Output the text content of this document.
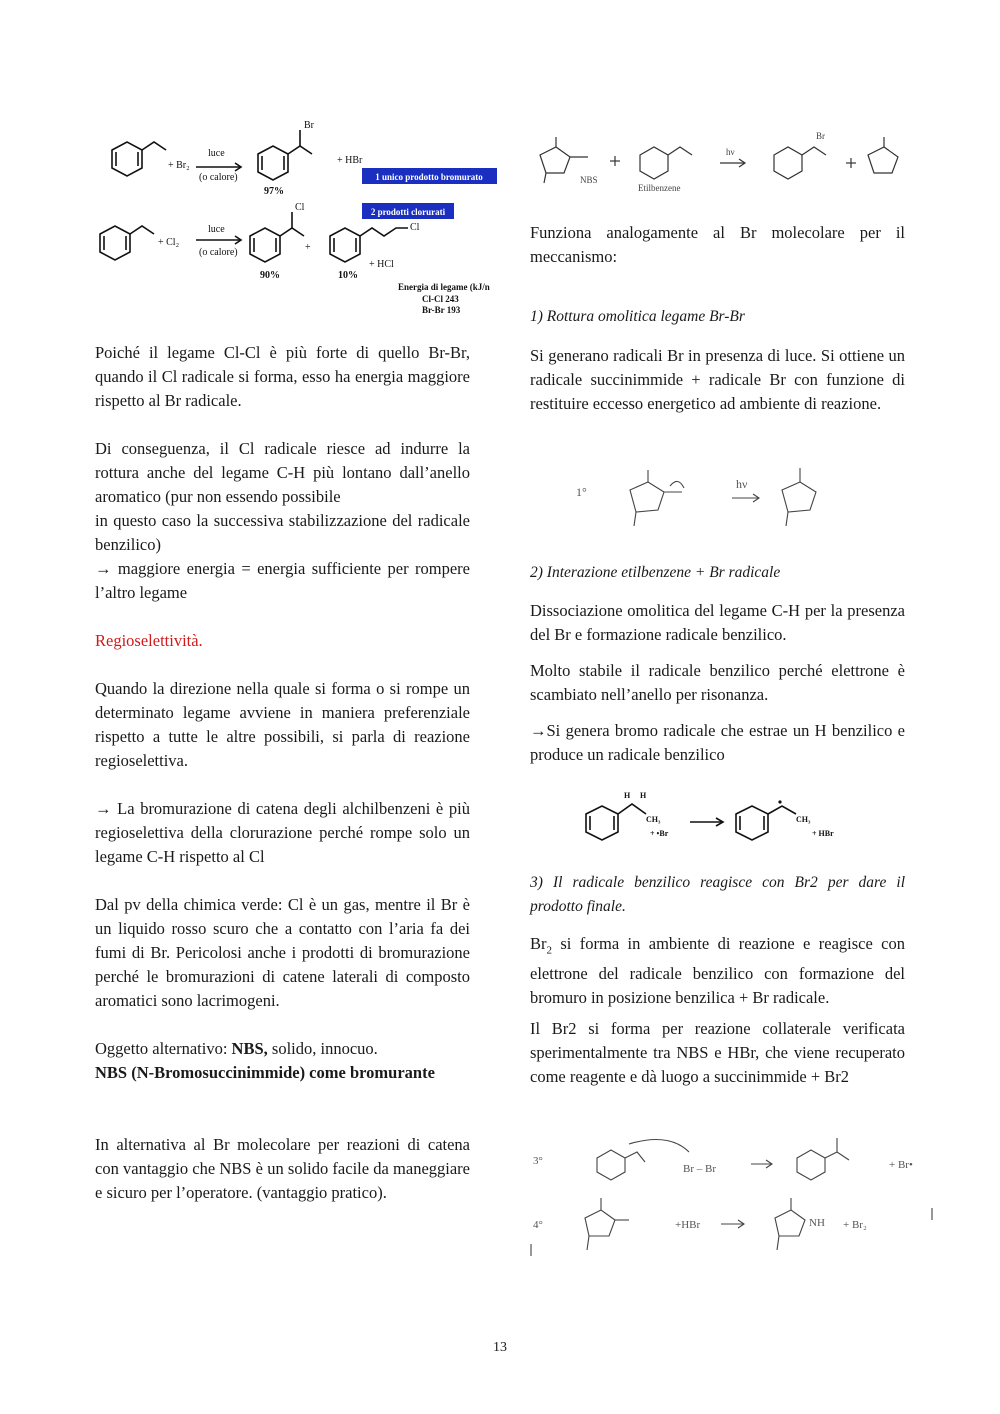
luce
(o calore)
+ Br₂
Br
+ HBr
97%
luce
(o calore)
+ Cl₂
Cl
+
Cl
+ HCl
90%	10%
1 unico prodotto bromurato
2 prodotti clorurati
Energia di legame (kJ/n
Cl-Cl 243
Br-Br 193
NBS
hν
Etilbenzene
Br

Poiché il legame Cl-Cl è più forte di quello Br-Br, quando il Cl radicale si forma, esso ha energia maggiore rispetto al Br radicale.

Di conseguenza, il Cl radicale riesce ad indurre la rottura anche del legame C-H più lontano dall’anello aromatico (pur non essendo possibile

in questo caso la successiva stabilizzazione del radicale benzilico)

→ maggiore energia = energia sufficiente per rompere l’altro legame

Regioselettività.

Quando la direzione nella quale si forma o si rompe un determinato legame avviene in maniera preferenziale rispetto a tutte le altre possibili, si parla di reazione regioselettiva.

→ La bromurazione di catena degli alchilbenzeni è più regioselettiva della clorurazione perché rompe solo un legame C-H rispetto al Cl

Dal pv della chimica verde: Cl è un gas, mentre il Br è un liquido rosso scuro che a contatto con l’aria fa dei fumi di Br. Pericolosi anche i prodotti di bromurazione perché le bromurazioni di catene laterali di composto aromatici sono lacrimogeni.

Oggetto alternativo: NBS, solido, innocuo.

NBS (N-Bromosuccinimmide) come bromurante

In alternativa al Br molecolare per reazioni di catena con vantaggio che NBS è un solido facile da maneggiare e sicuro per l’operatore. (vantaggio pratico).

Funziona analogamente al Br molecolare per il meccanismo:

1) Rottura omolitica legame Br-Br

Si generano radicali Br in presenza di luce. Si ottiene un radicale succinimmide + radicale Br con funzione di restituire eccesso energetico ad ambiente di reazione.

2) Interazione etilbenzene + Br radicale

Dissociazione omolitica del legame C-H per la presenza del Br e formazione radicale benzilico.

Molto stabile il radicale benzilico perché elettrone è scambiato nell’anello per risonanza.

→Si genera bromo radicale che estrae un H benzilico e produce un radicale benzilico

3) Il radicale benzilico reagisce con Br2 per dare il prodotto finale.

$Br_2$ si forma in ambiente di reazione e reagisce con elettrone del radicale benzilico con formazione del bromuro in posizione benzilica + Br radicale.

Il Br2 si forma per reazione collaterale verificata sperimentalmente tra NBS e HBr, che viene recuperato come reagente e dà luogo a succinimmide + Br2

1°
hν
H H
CH₃
+ •Br
CH₃
+ HBr
3°
Br – Br	+ Br•
4°	+HBr	NH + Br₂
13
